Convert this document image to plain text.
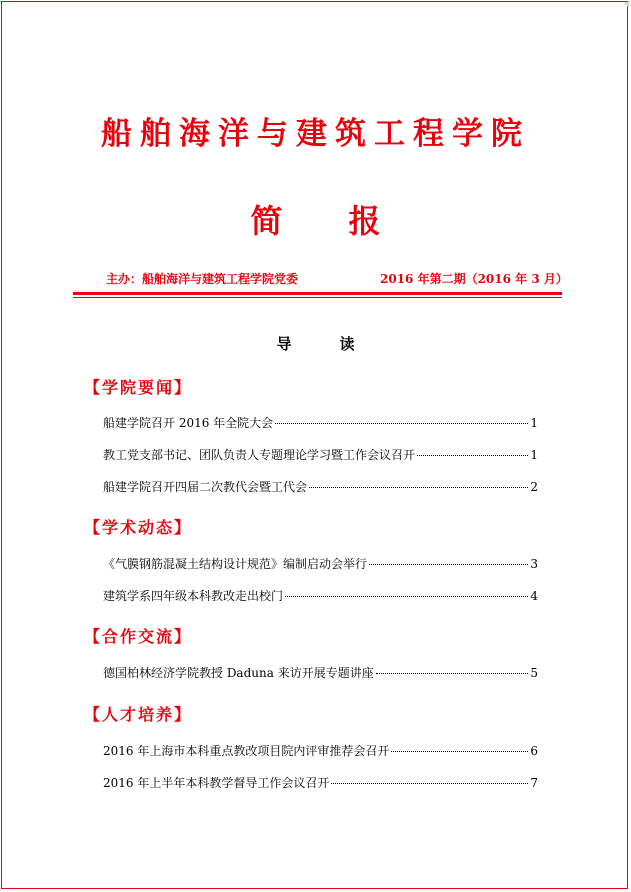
船舶海洋与建筑工程学院
简报
主办：船舶海洋与建筑工程学院党委	2016 年第二期（2016 年 3 月）
导读
【学院要闻】
船建学院召开 2016 年全院大会	1
教工党支部书记、团队负责人专题理论学习暨工作会议召开	1
船建学院召开四届二次教代会暨工代会	2
【学术动态】
《气膜钢筋混凝土结构设计规范》编制启动会举行	3
建筑学系四年级本科教改走出校门	4
【合作交流】
德国柏林经济学院教授 Daduna 来访开展专题讲座	5
【人才培养】
2016 年上海市本科重点教改项目院内评审推荐会召开	6
2016 年上半年本科教学督导工作会议召开	7
